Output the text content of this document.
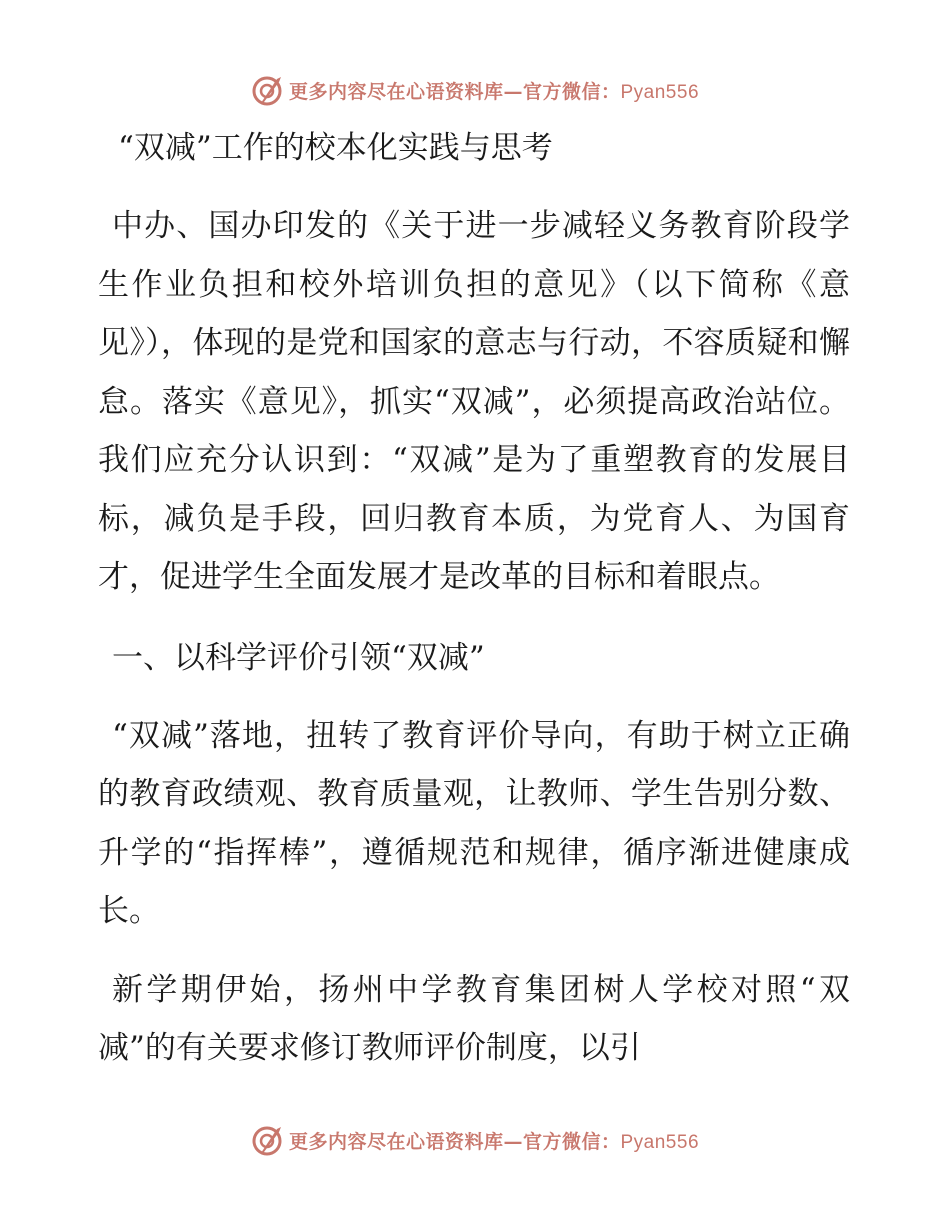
更多内容尽在心语资料库—官方微信：Pyan556
“双减”工作的校本化实践与思考

中办、国办印发的《关于进一步减轻义务教育阶段学生作业负担和校外培训负担的意见》（以下简称《意见》），体现的是党和国家的意志与行动，不容质疑和懈怠。落实《意见》，抓实“双减”，必须提高政治站位。我们应充分认识到：“双减”是为了重塑教育的发展目标，减负是手段，回归教育本质，为党育人、为国育才，促进学生全面发展才是改革的目标和着眼点。

一、以科学评价引领“双减”

“双减”落地，扭转了教育评价导向，有助于树立正确的教育政绩观、教育质量观，让教师、学生告别分数、升学的“指挥棒”，遵循规范和规律，循序渐进健康成长。

新学期伊始，扬州中学教育集团树人学校对照“双减”的有关要求修订教师评价制度，以引

更多内容尽在心语资料库—官方微信：Pyan556
